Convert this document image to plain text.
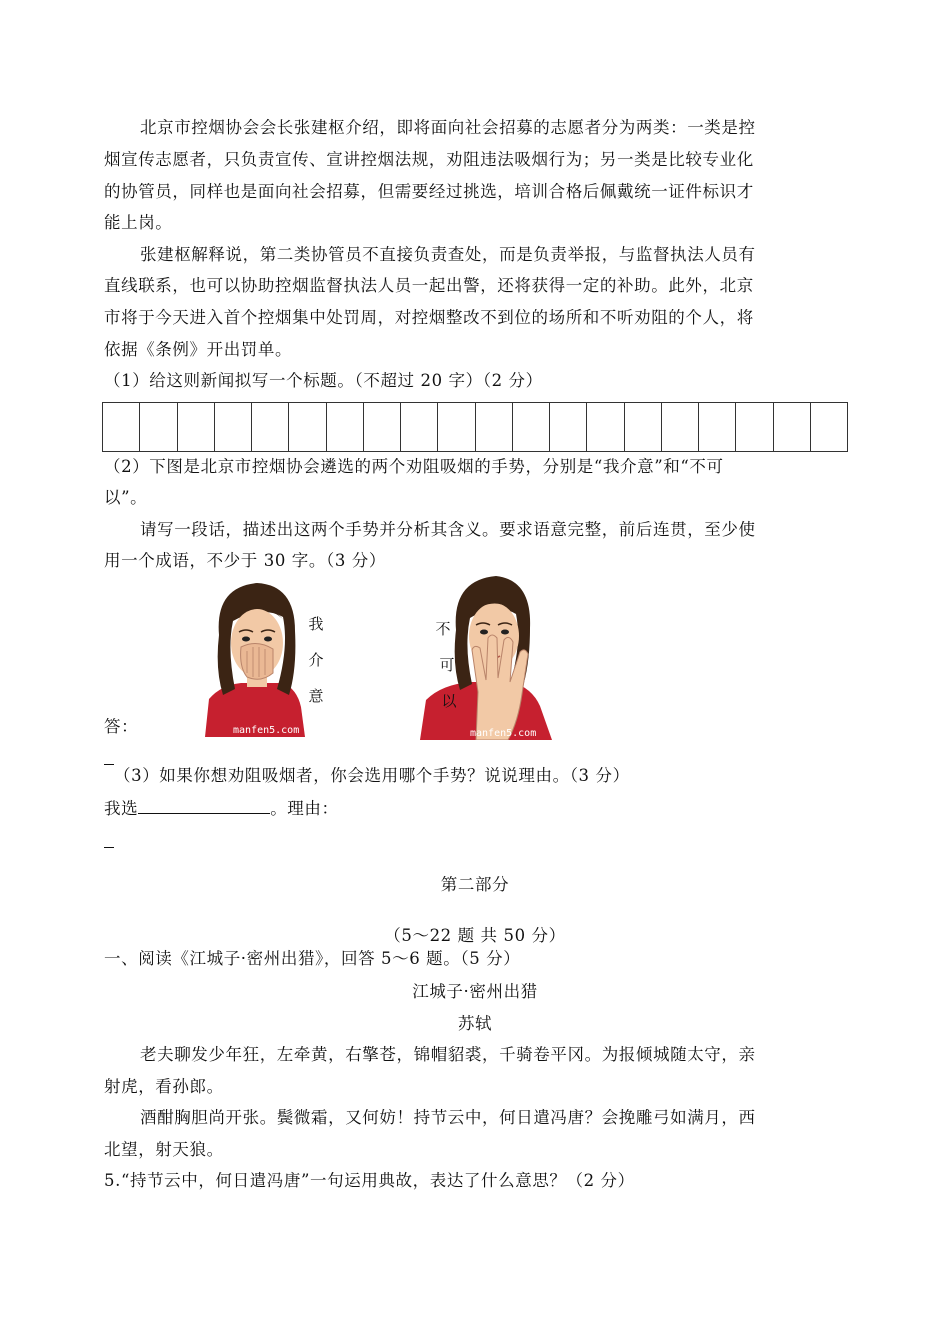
北京市控烟协会会长张建枢介绍，即将面向社会招募的志愿者分为两类：一类是控
烟宣传志愿者，只负责宣传、宣讲控烟法规，劝阻违法吸烟行为；另一类是比较专业化
的协管员，同样也是面向社会招募，但需要经过挑选，培训合格后佩戴统一证件标识才
能上岗。
张建枢解释说，第二类协管员不直接负责查处，而是负责举报，与监督执法人员有
直线联系，也可以协助控烟监督执法人员一起出警，还将获得一定的补助。此外，北京
市将于今天进入首个控烟集中处罚周，对控烟整改不到位的场所和不听劝阻的个人，将
依据《条例》开出罚单。
（1）给这则新闻拟写一个标题。（不超过 20 字）（2 分）
（2）下图是北京市控烟协会遴选的两个劝阻吸烟的手势，分别是“我介意”和“不可
以”。
请写一段话，描述出这两个手势并分析其含义。要求语意完整，前后连贯，至少使
用一个成语，不少于 30 字。（3 分）
答：
我
介
意
manfen5.com
不
可
以
manfen5.com
（3）如果你想劝阻吸烟者，你会选用哪个手势？说说理由。（3 分）
我选	。理由：
第二部分
（5～22 题 共 50 分）
一、阅读《江城子·密州出猎》，回答 5～6 题。（5 分）
江城子·密州出猎
苏轼
老夫聊发少年狂，左牵黄，右擎苍，锦帽貂裘，千骑卷平冈。为报倾城随太守，亲
射虎，看孙郎。
酒酣胸胆尚开张。鬓微霜，又何妨！持节云中，何日遣冯唐？会挽雕弓如满月，西
北望，射天狼。
5.“持节云中，何日遣冯唐”一句运用典故，表达了什么意思？（2 分）
